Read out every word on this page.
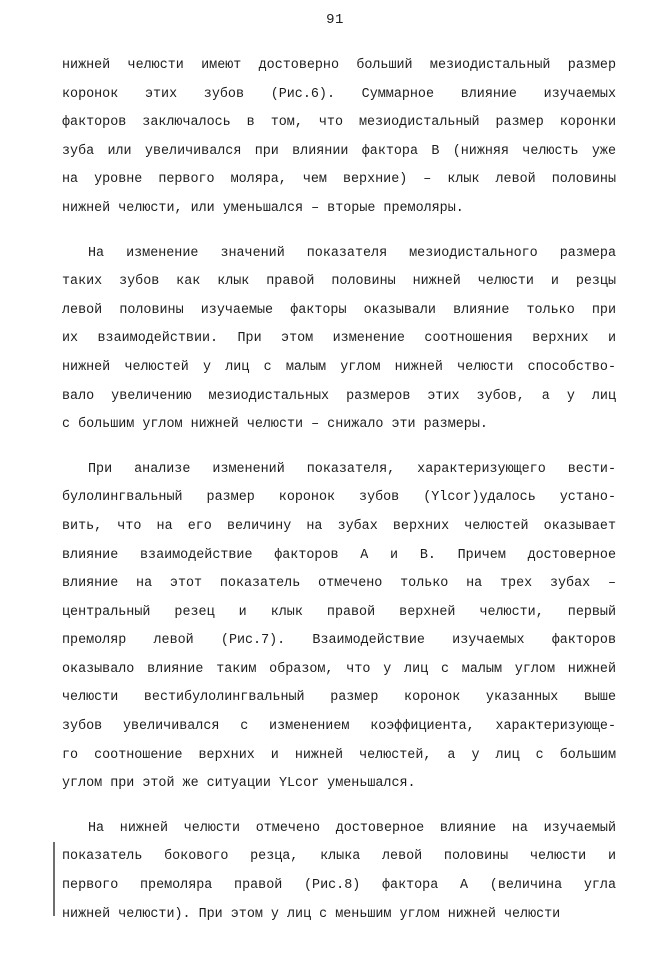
91
нижней челюсти имеют достоверно больший мезиодистальный размер
коронок этих зубов (Рис.6). Суммарное влияние изучаемых
факторов заключалось в том, что мезиодистальный размер коронки
зуба или увеличивался при влиянии фактора В (нижняя челюсть уже
на уровне первого моляра, чем верхние) – клык левой половины
нижней челюсти, или уменьшался – вторые премоляры.
На изменение значений показателя мезиодистального размера
таких зубов как клык правой половины нижней челюсти и резцы
левой половины изучаемые факторы оказывали влияние только при
их взаимодействии. При этом изменение соотношения верхних и
нижней челюстей у лиц с малым углом нижней челюсти способство-
вало увеличению мезиодистальных размеров этих зубов, а у лиц
с большим углом нижней челюсти – снижало эти размеры.
При анализе изменений показателя, характеризующего вести-
булолингвальный размер коронок зубов (Ylcor)удалось устано-
вить, что на его величину на зубах верхних челюстей оказывает
влияние взаимодействие факторов А и В. Причем достоверное
влияние на этот показатель отмечено только на трех зубах –
центральный резец и клык правой верхней челюсти, первый
премоляр левой (Рис.7). Взаимодействие изучаемых факторов
оказывало влияние таким образом, что у лиц с малым углом нижней
челюсти вестибулолингвальный размер коронок указанных выше
зубов увеличивался с изменением коэффициента, характеризующе-
го соотношение верхних и нижней челюстей, а у лиц с большим
углом при этой же ситуации YLcor уменьшался.
На нижней челюсти отмечено достоверное влияние на изучаемый
показатель бокового резца, клыка левой половины челюсти и
первого премоляра правой (Рис.8) фактора А (величина угла
нижней челюсти). При этом у лиц с меньшим углом нижней челюсти
